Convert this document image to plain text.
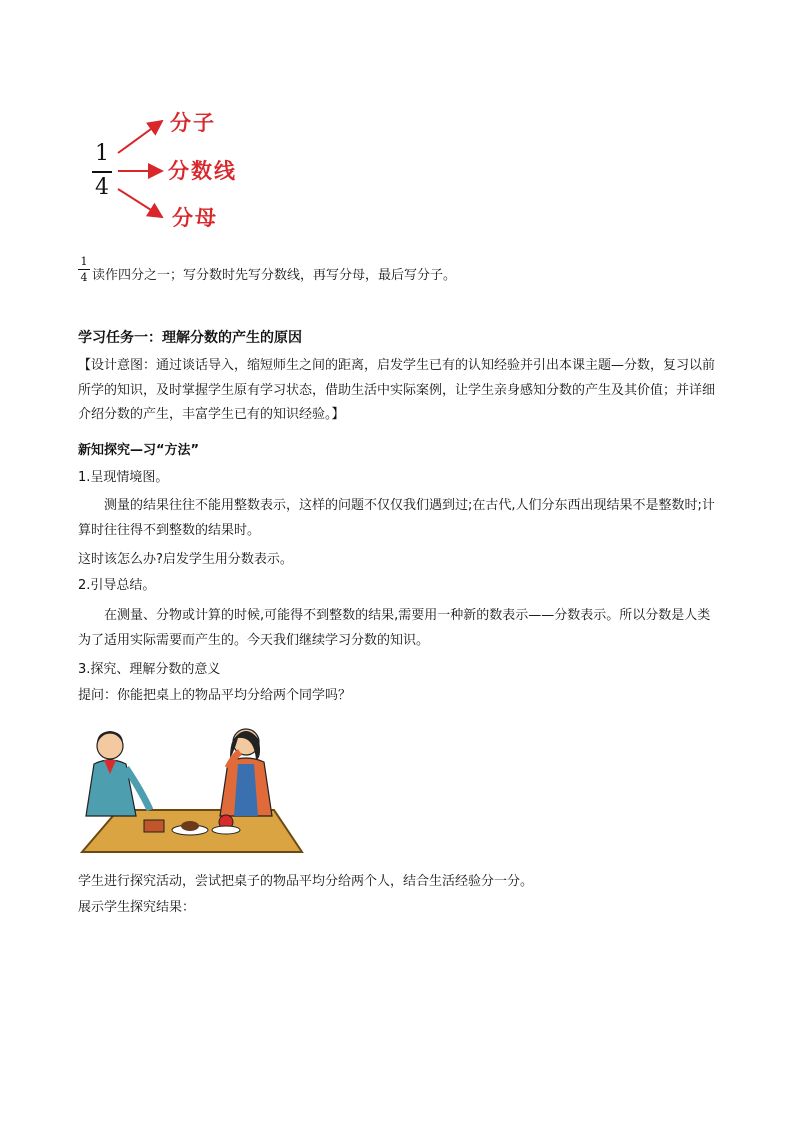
1
4
分子
分数线
分母
1
4 读作四分之一；写分数时先写分数线，再写分母，最后写分子。
学习任务一：理解分数的产生的原因
【设计意图：通过谈话导入，缩短师生之间的距离，启发学生已有的认知经验并引出本课主题—分数，复习以前所学的知识，及时掌握学生原有学习状态，借助生活中实际案例，让学生亲身感知分数的产生及其价值；并详细介绍分数的产生，丰富学生已有的知识经验。】
新知探究—习“方法”
1.呈现情境图。
测量的结果往往不能用整数表示，这样的问题不仅仅我们遇到过;在古代,人们分东西出现结果不是整数时;计算时往往得不到整数的结果时。
这时该怎么办?启发学生用分数表示。
2.引导总结。
在测量、分物或计算的时候,可能得不到整数的结果,需要用一种新的数表示——分数表示。所以分数是人类为了适用实际需要而产生的。今天我们继续学习分数的知识。
3.探究、理解分数的意义
提问：你能把桌上的物品平均分给两个同学吗？
学生进行探究活动，尝试把桌子的物品平均分给两个人，结合生活经验分一分。
展示学生探究结果：
